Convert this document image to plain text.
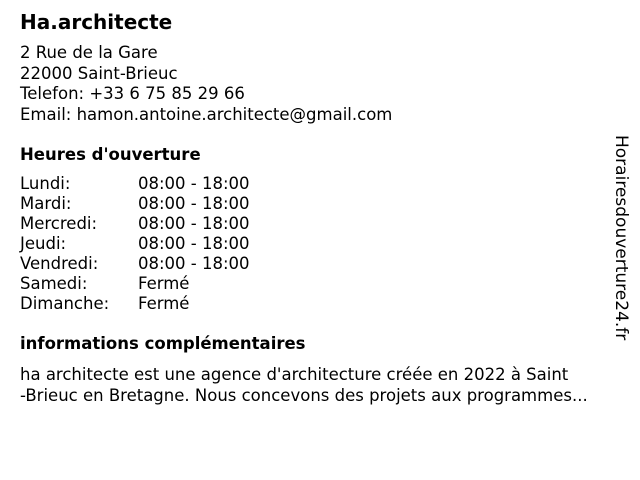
Ha.architecte
2 Rue de la Gare
22000 Saint-Brieuc
Telefon: +33 6 75 85 29 66
Email: hamon.antoine.architecte@gmail.com
Heures d'ouverture
Lundi:	08:00 - 18:00
Mardi:	08:00 - 18:00
Mercredi:	08:00 - 18:00
Jeudi:	08:00 - 18:00
Vendredi:	08:00 - 18:00
Samedi:	Fermé
Dimanche:	Fermé
informations complémentaires
ha architecte est une agence d'architecture créée en 2022 à Saint
-Brieuc en Bretagne. Nous concevons des projets aux programmes...
Horairesdouverture24.fr
